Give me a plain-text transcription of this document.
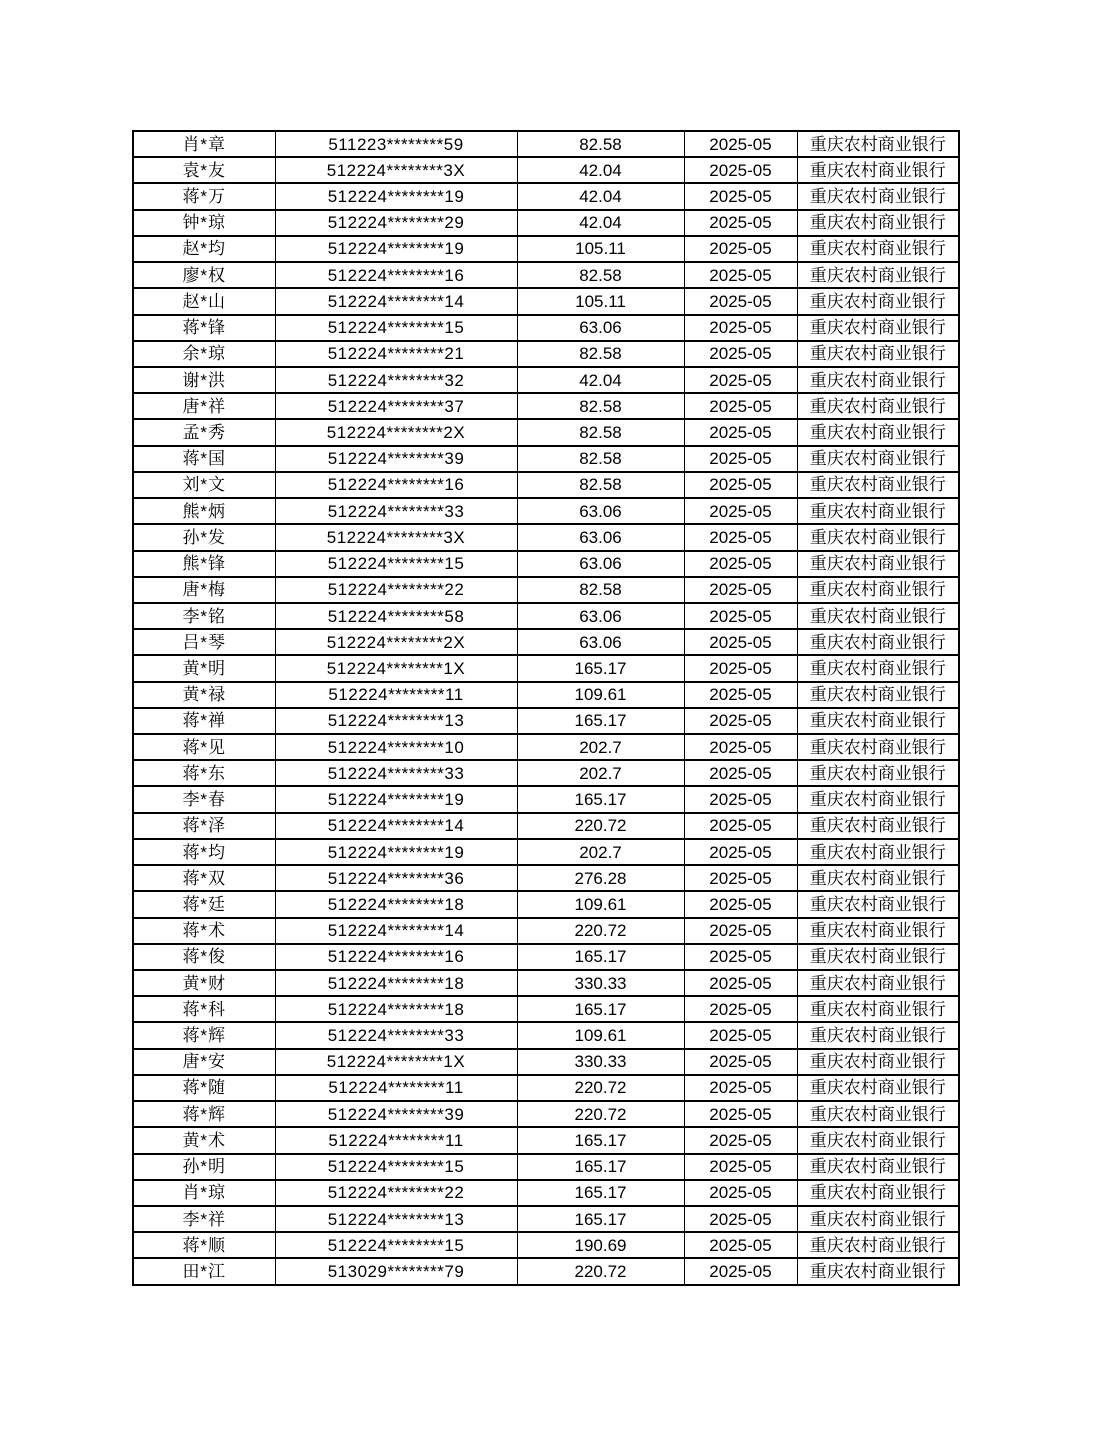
肖*章	511223********59	82.58	2025-05	重庆农村商业银行
袁*友	512224********3X	42.04	2025-05	重庆农村商业银行
蒋*万	512224********19	42.04	2025-05	重庆农村商业银行
钟*琼	512224********29	42.04	2025-05	重庆农村商业银行
赵*均	512224********19	105.11	2025-05	重庆农村商业银行
廖*权	512224********16	82.58	2025-05	重庆农村商业银行
赵*山	512224********14	105.11	2025-05	重庆农村商业银行
蒋*锋	512224********15	63.06	2025-05	重庆农村商业银行
余*琼	512224********21	82.58	2025-05	重庆农村商业银行
谢*洪	512224********32	42.04	2025-05	重庆农村商业银行
唐*祥	512224********37	82.58	2025-05	重庆农村商业银行
孟*秀	512224********2X	82.58	2025-05	重庆农村商业银行
蒋*国	512224********39	82.58	2025-05	重庆农村商业银行
刘*文	512224********16	82.58	2025-05	重庆农村商业银行
熊*炳	512224********33	63.06	2025-05	重庆农村商业银行
孙*发	512224********3X	63.06	2025-05	重庆农村商业银行
熊*锋	512224********15	63.06	2025-05	重庆农村商业银行
唐*梅	512224********22	82.58	2025-05	重庆农村商业银行
李*铭	512224********58	63.06	2025-05	重庆农村商业银行
吕*琴	512224********2X	63.06	2025-05	重庆农村商业银行
黄*明	512224********1X	165.17	2025-05	重庆农村商业银行
黄*禄	512224********11	109.61	2025-05	重庆农村商业银行
蒋*禅	512224********13	165.17	2025-05	重庆农村商业银行
蒋*见	512224********10	202.7	2025-05	重庆农村商业银行
蒋*东	512224********33	202.7	2025-05	重庆农村商业银行
李*春	512224********19	165.17	2025-05	重庆农村商业银行
蒋*泽	512224********14	220.72	2025-05	重庆农村商业银行
蒋*均	512224********19	202.7	2025-05	重庆农村商业银行
蒋*双	512224********36	276.28	2025-05	重庆农村商业银行
蒋*廷	512224********18	109.61	2025-05	重庆农村商业银行
蒋*术	512224********14	220.72	2025-05	重庆农村商业银行
蒋*俊	512224********16	165.17	2025-05	重庆农村商业银行
黄*财	512224********18	330.33	2025-05	重庆农村商业银行
蒋*科	512224********18	165.17	2025-05	重庆农村商业银行
蒋*辉	512224********33	109.61	2025-05	重庆农村商业银行
唐*安	512224********1X	330.33	2025-05	重庆农村商业银行
蒋*随	512224********11	220.72	2025-05	重庆农村商业银行
蒋*辉	512224********39	220.72	2025-05	重庆农村商业银行
黄*术	512224********11	165.17	2025-05	重庆农村商业银行
孙*明	512224********15	165.17	2025-05	重庆农村商业银行
肖*琼	512224********22	165.17	2025-05	重庆农村商业银行
李*祥	512224********13	165.17	2025-05	重庆农村商业银行
蒋*顺	512224********15	190.69	2025-05	重庆农村商业银行
田*江	513029********79	220.72	2025-05	重庆农村商业银行
